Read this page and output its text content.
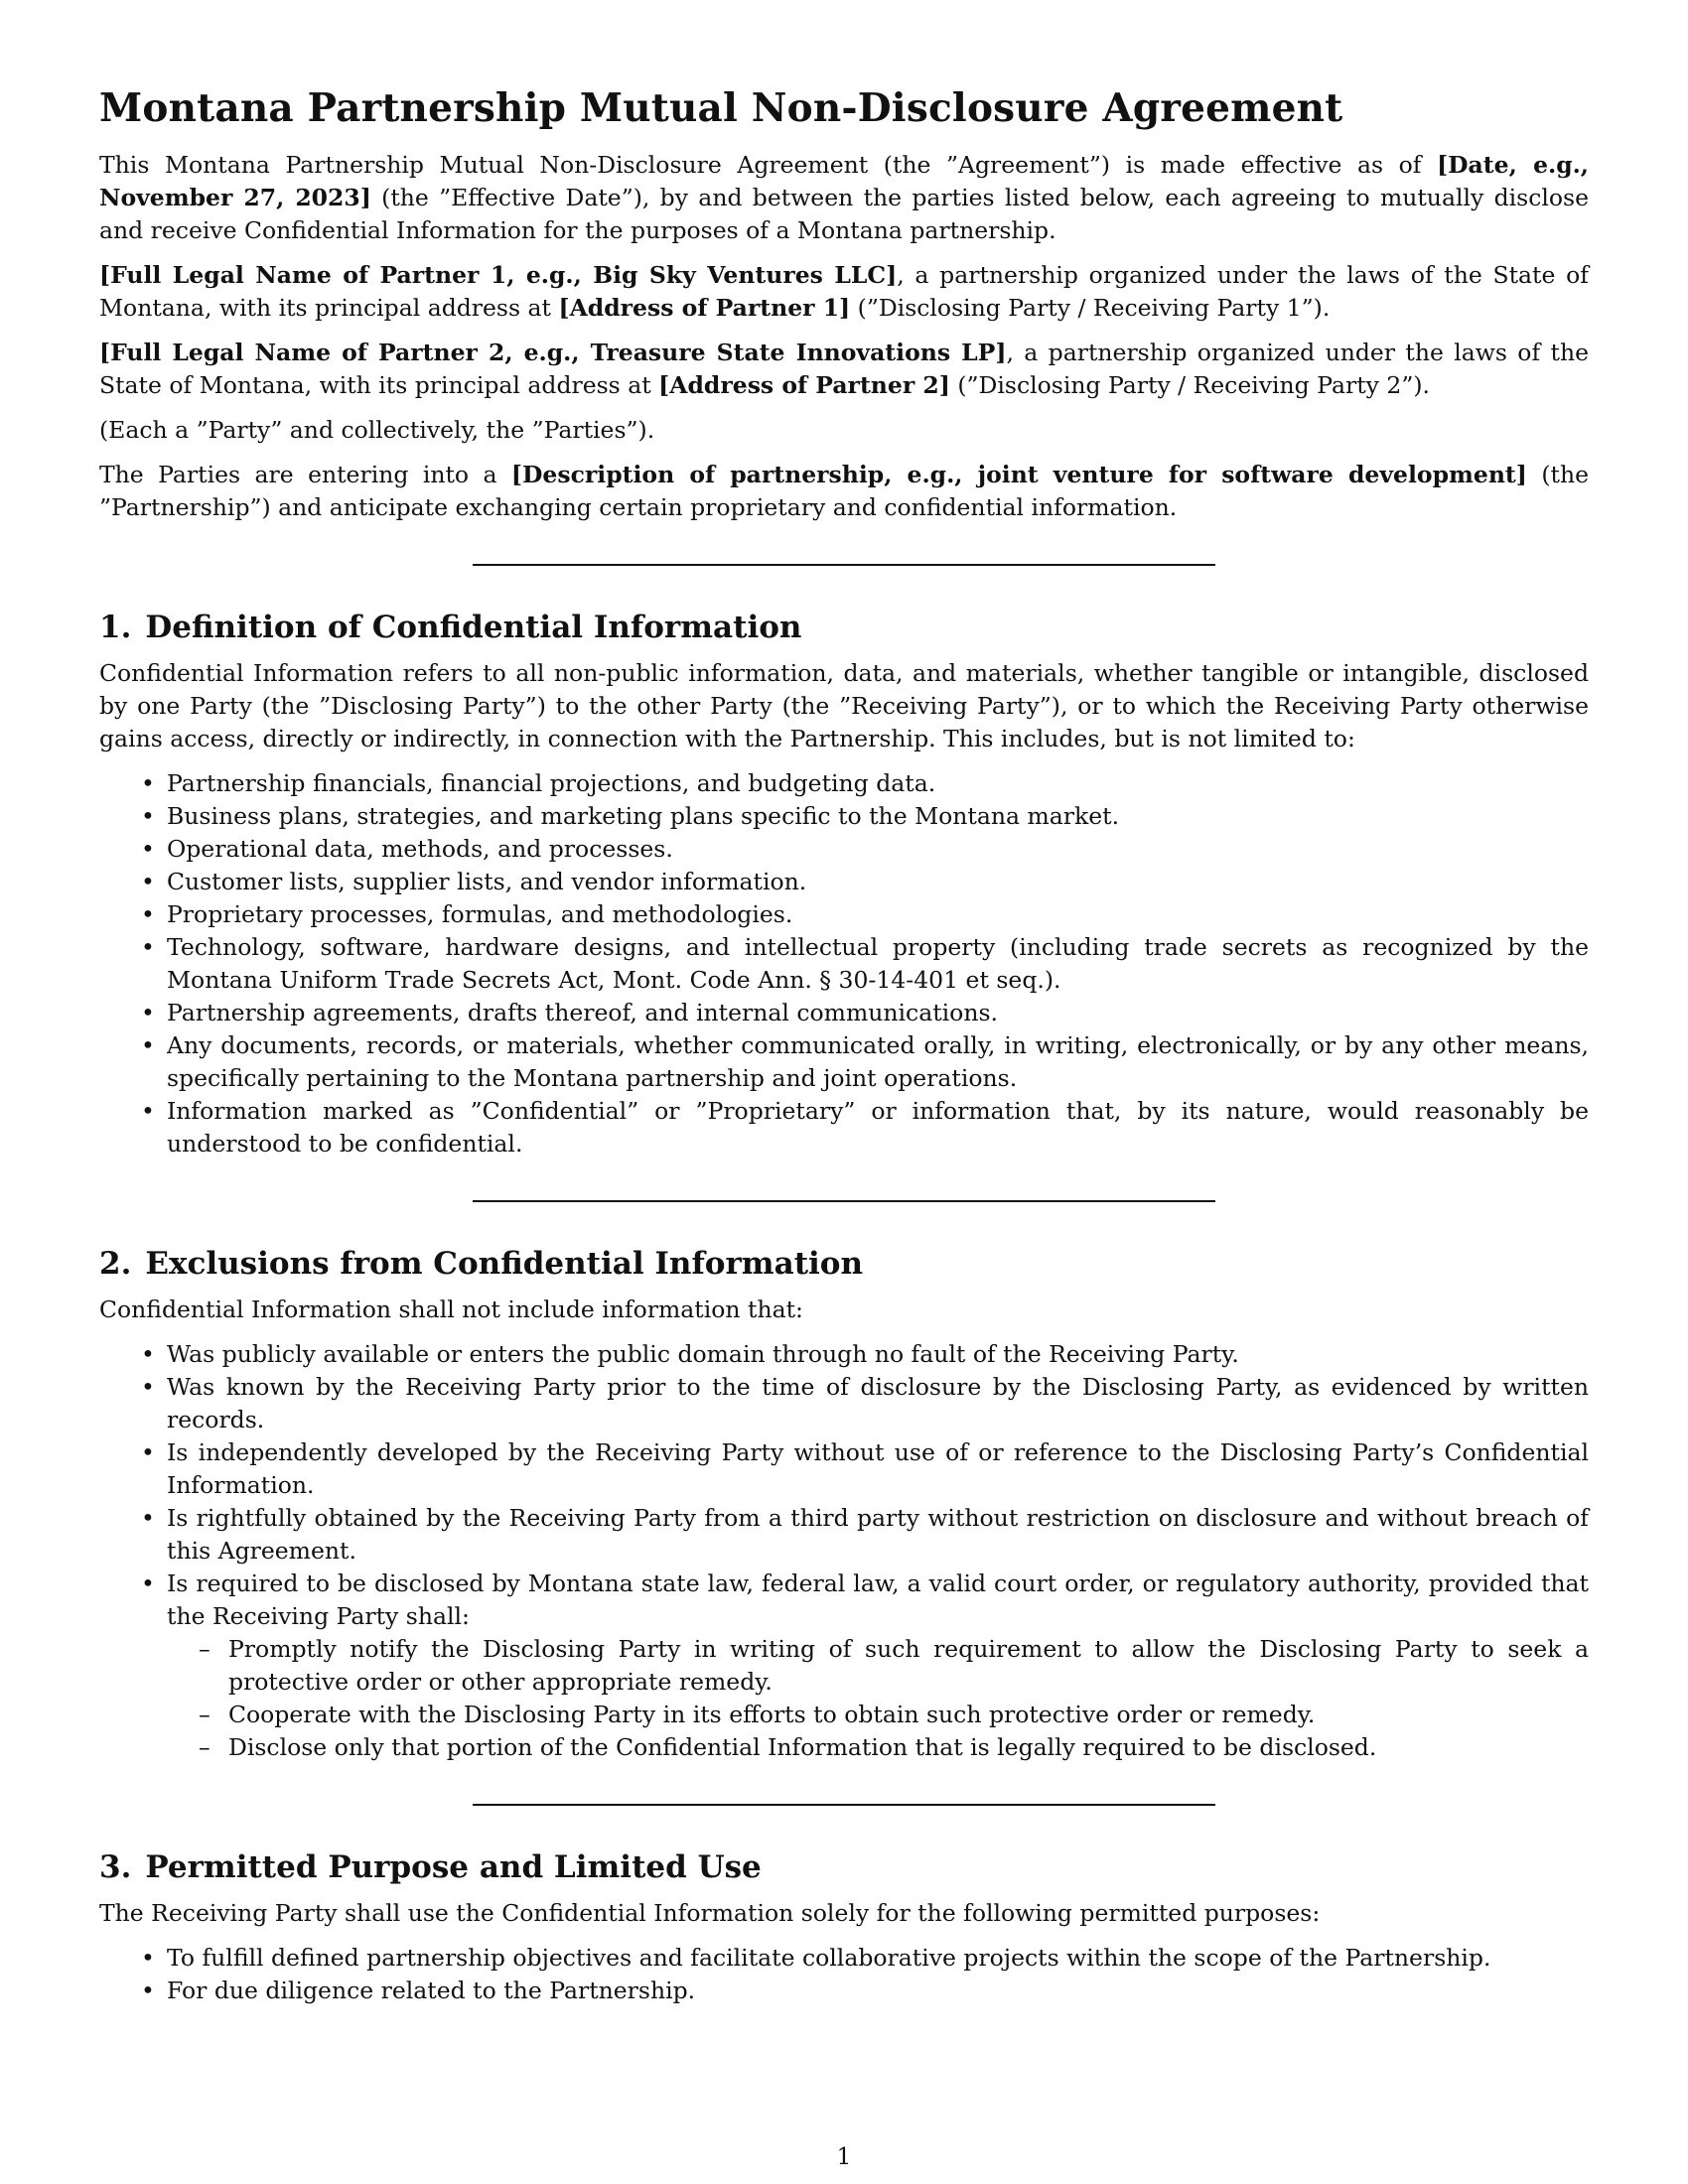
Montana Partnership Mutual Non-Disclosure Agreement

This Montana Partnership Mutual Non-Disclosure Agreement (the ”Agreement”) is made effective as of [Date, e.g., November 27, 2023] (the ”Effective Date”), by and between the parties listed below, each agreeing to mutually disclose and receive Confidential Information for the purposes of a Montana partnership.

[Full Legal Name of Partner 1, e.g., Big Sky Ventures LLC], a partnership organized under the laws of the State of Montana, with its principal address at [Address of Partner 1] (”Disclosing Party / Receiving Party 1”).

[Full Legal Name of Partner 2, e.g., Treasure State Innovations LP], a partnership organized under the laws of the State of Montana, with its principal address at [Address of Partner 2] (”Disclosing Party / Receiving Party 2”).

(Each a ”Party” and collectively, the ”Parties”).

The Parties are entering into a [Description of partnership, e.g., joint venture for software development] (the ”Partnership”) and anticipate exchanging certain proprietary and confidential information.

1. Definition of Confidential Information

Confidential Information refers to all non-public information, data, and materials, whether tangible or intangible, disclosed by one Party (the ”Disclosing Party”) to the other Party (the ”Receiving Party”), or to which the Receiving Party otherwise gains access, directly or indirectly, in connection with the Partnership. This includes, but is not limited to:

• Partnership financials, financial projections, and budgeting data.
• Business plans, strategies, and marketing plans specific to the Montana market.
• Operational data, methods, and processes.
• Customer lists, supplier lists, and vendor information.
• Proprietary processes, formulas, and methodologies.
• Technology, software, hardware designs, and intellectual property (including trade secrets as recognized by the Montana Uniform Trade Secrets Act, Mont. Code Ann. § 30-14-401 et seq.).
• Partnership agreements, drafts thereof, and internal communications.
• Any documents, records, or materials, whether communicated orally, in writing, electronically, or by any other means, specifically pertaining to the Montana partnership and joint operations.
• Information marked as ”Confidential” or ”Proprietary” or information that, by its nature, would reasonably be understood to be confidential.
2. Exclusions from Confidential Information

Confidential Information shall not include information that:

• Was publicly available or enters the public domain through no fault of the Receiving Party.
• Was known by the Receiving Party prior to the time of disclosure by the Disclosing Party, as evidenced by written records.
• Is independently developed by the Receiving Party without use of or reference to the Disclosing Party’s Confidential Information.
• Is rightfully obtained by the Receiving Party from a third party without restriction on disclosure and without breach of this Agreement.
• Is required to be disclosed by Montana state law, federal law, a valid court order, or regulatory authority, provided that the Receiving Party shall:
– Promptly notify the Disclosing Party in writing of such requirement to allow the Disclosing Party to seek a protective order or other appropriate remedy.
– Cooperate with the Disclosing Party in its efforts to obtain such protective order or remedy.
– Disclose only that portion of the Confidential Information that is legally required to be disclosed.
3. Permitted Purpose and Limited Use

The Receiving Party shall use the Confidential Information solely for the following permitted purposes:

• To fulfill defined partnership objectives and facilitate collaborative projects within the scope of the Partnership.
• For due diligence related to the Partnership.
1
